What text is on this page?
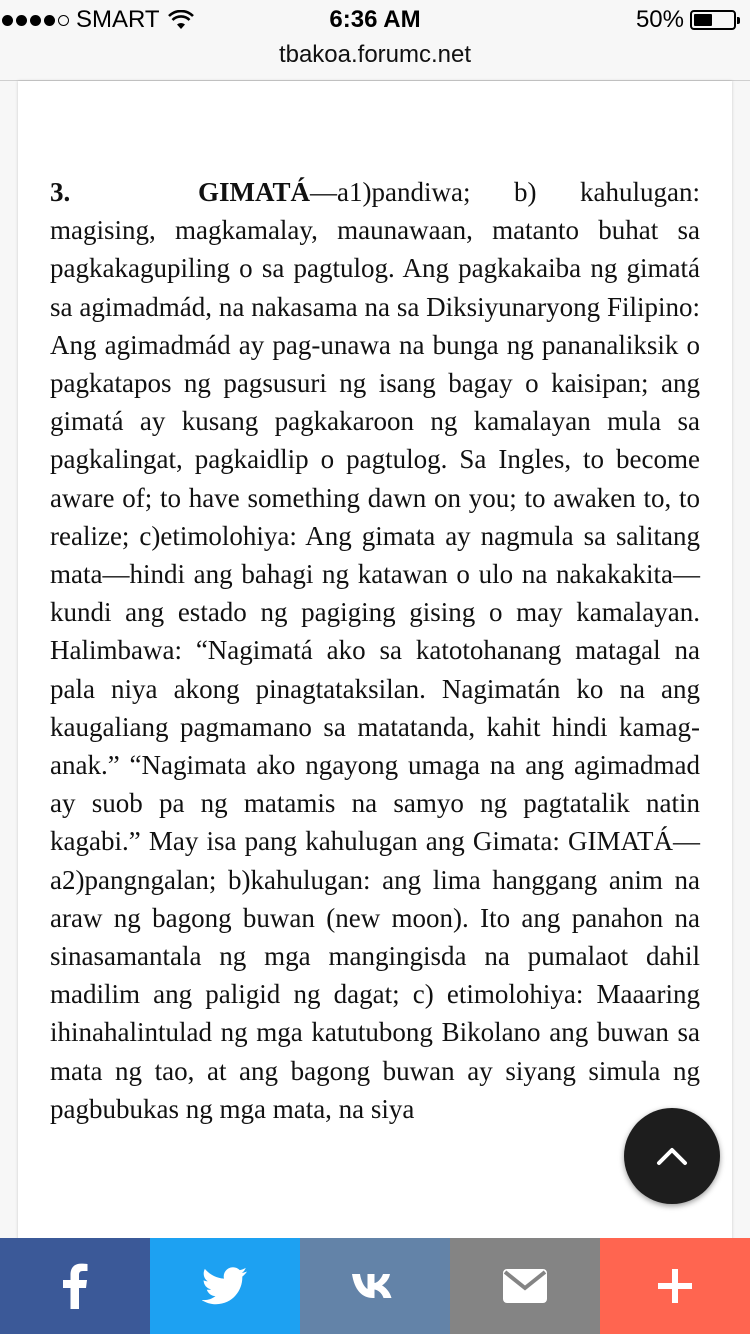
SMART	6:36 AM	50%
tbakoa.forumc.net

3.	GIMATÁ—a1)pandiwa; b) kahulugan: magising, magkamalay, maunawaan, matanto buhat sa pagkakagupiling o sa pagtulog. Ang pagkakaiba ng gimatá sa agimadmád, na nakasama na sa Diksiyunaryong Filipino: Ang agimadmád ay pag-unawa na bunga ng pananaliksik o pagkatapos ng pagsusuri ng isang bagay o kaisipan; ang gimatá ay kusang pagkakaroon ng kamalayan mula sa pagkalingat, pagkaidlip o pagtulog. Sa Ingles, to become aware of; to have something dawn on you; to awaken to, to realize; c)etimolohiya: Ang gimata ay nagmula sa salitang mata—hindi ang bahagi ng katawan o ulo na nakakakita—kundi ang estado ng pagiging gising o may kamalayan. Halimbawa: “Nagimatá ako sa katotohanang matagal na pala niya akong pinagtataksilan. Nagimatán ko na ang kaugaliang pagmamano sa matatanda, kahit hindi kamag-anak.” “Nagimata ako ngayong umaga na ang agimadmad ay suob pa ng matamis na samyo ng pagtatalik natin kagabi.” May isa pang kahulugan ang Gimata: GIMATÁ—a2)pangngalan; b)kahulugan: ang lima hanggang anim na araw ng bagong buwan (new moon). Ito ang panahon na sinasamantala ng mga mangingisda na pumalaot dahil madilim ang paligid ng dagat; c) etimolohiya: Maaaring ihinahalintulad ng mga katutubong Bikolano ang buwan sa mata ng tao, at ang bagong buwan ay siyang simula ng pagbubukas ng mga mata, na siya
